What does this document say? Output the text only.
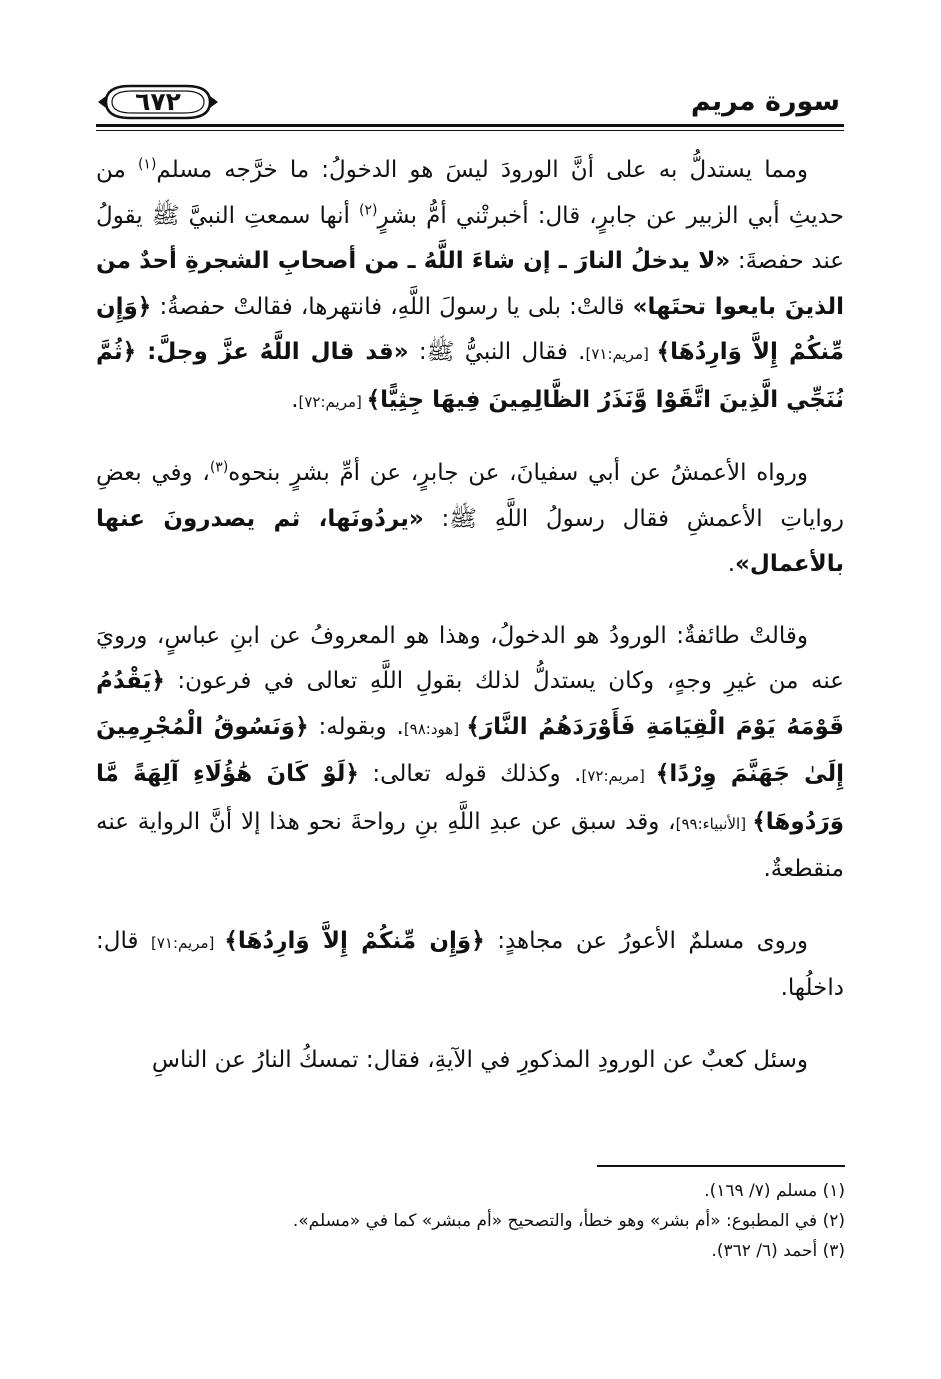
٦٧٢	سورة مريم

ومما يستدلُّ به على أنَّ الورودَ ليسَ هو الدخولُ: ما خرَّجه مسلم$^{(١)}$ من حديثِ أبي الزبير عن جابرٍ، قال: أخبرتْني أمُّ بشرٍ$^{(٢)}$ أنها سمعتِ النبيَّ ﷺ يقولُ عند حفصةَ: «لا يدخلُ النارَ ـ إن شاءَ اللَّهُ ـ من أصحابِ الشجرةِ أحدٌ من الذينَ بايعوا تحتَها» قالتْ: بلى يا رسولَ اللَّهِ، فانتهرها، فقالتْ حفصةُ: ﴿وَإِن مِّنكُمْ إِلاَّ وَارِدُهَا﴾ [مريم:٧١]. فقال النبيُّ ﷺ: «قد قال اللَّهُ عزَّ وجلَّ: ﴿ثُمَّ نُنَجِّي الَّذِينَ اتَّقَوْا وَّنَذَرُ الظَّالِمِينَ فِيهَا جِثِيًّا﴾ [مريم:٧٢].

ورواه الأعمشُ عن أبي سفيانَ، عن جابرٍ، عن أمِّ بشرٍ بنحوه$^{(٣)}$، وفي بعضِ رواياتِ الأعمشِ فقال رسولُ اللَّهِ ﷺ: «يردُونَها، ثم يصدرونَ عنها بالأعمال».

وقالتْ طائفةٌ: الورودُ هو الدخولُ، وهذا هو المعروفُ عن ابنِ عباسٍ، ورويَ عنه من غيرِ وجهٍ، وكان يستدلُّ لذلك بقولِ اللَّهِ تعالى في فرعون: ﴿يَقْدُمُ قَوْمَهُ يَوْمَ الْقِيَامَةِ فَأَوْرَدَهُمُ النَّارَ﴾ [هود:٩٨]. وبقوله: ﴿وَنَسُوقُ الْمُجْرِمِينَ إِلَىٰ جَهَنَّمَ وِرْدًا﴾ [مريم:٧٢]. وكذلك قوله تعالى: ﴿لَوْ كَانَ هَٰؤُلَاءِ آلِهَةً مَّا وَرَدُوهَا﴾ [الأنبياء:٩٩]، وقد سبق عن عبدِ اللَّهِ بنِ رواحةَ نحو هذا إلا أنَّ الرواية عنه منقطعةٌ.

وروى مسلمٌ الأعورُ عن مجاهدٍ: ﴿وَإِن مِّنكُمْ إِلاَّ وَارِدُهَا﴾ [مريم:٧١] قال: داخلُها.

وسئل كعبٌ عن الورودِ المذكورِ في الآيةِ، فقال: تمسكُ النارُ عن الناسِ

(١) مسلم (٧/ ١٦٩).
(٢) في المطبوع: «أم بشر» وهو خطأ، والتصحيح «أم مبشر» كما في «مسلم».
(٣) أحمد (٦/ ٣٦٢).
